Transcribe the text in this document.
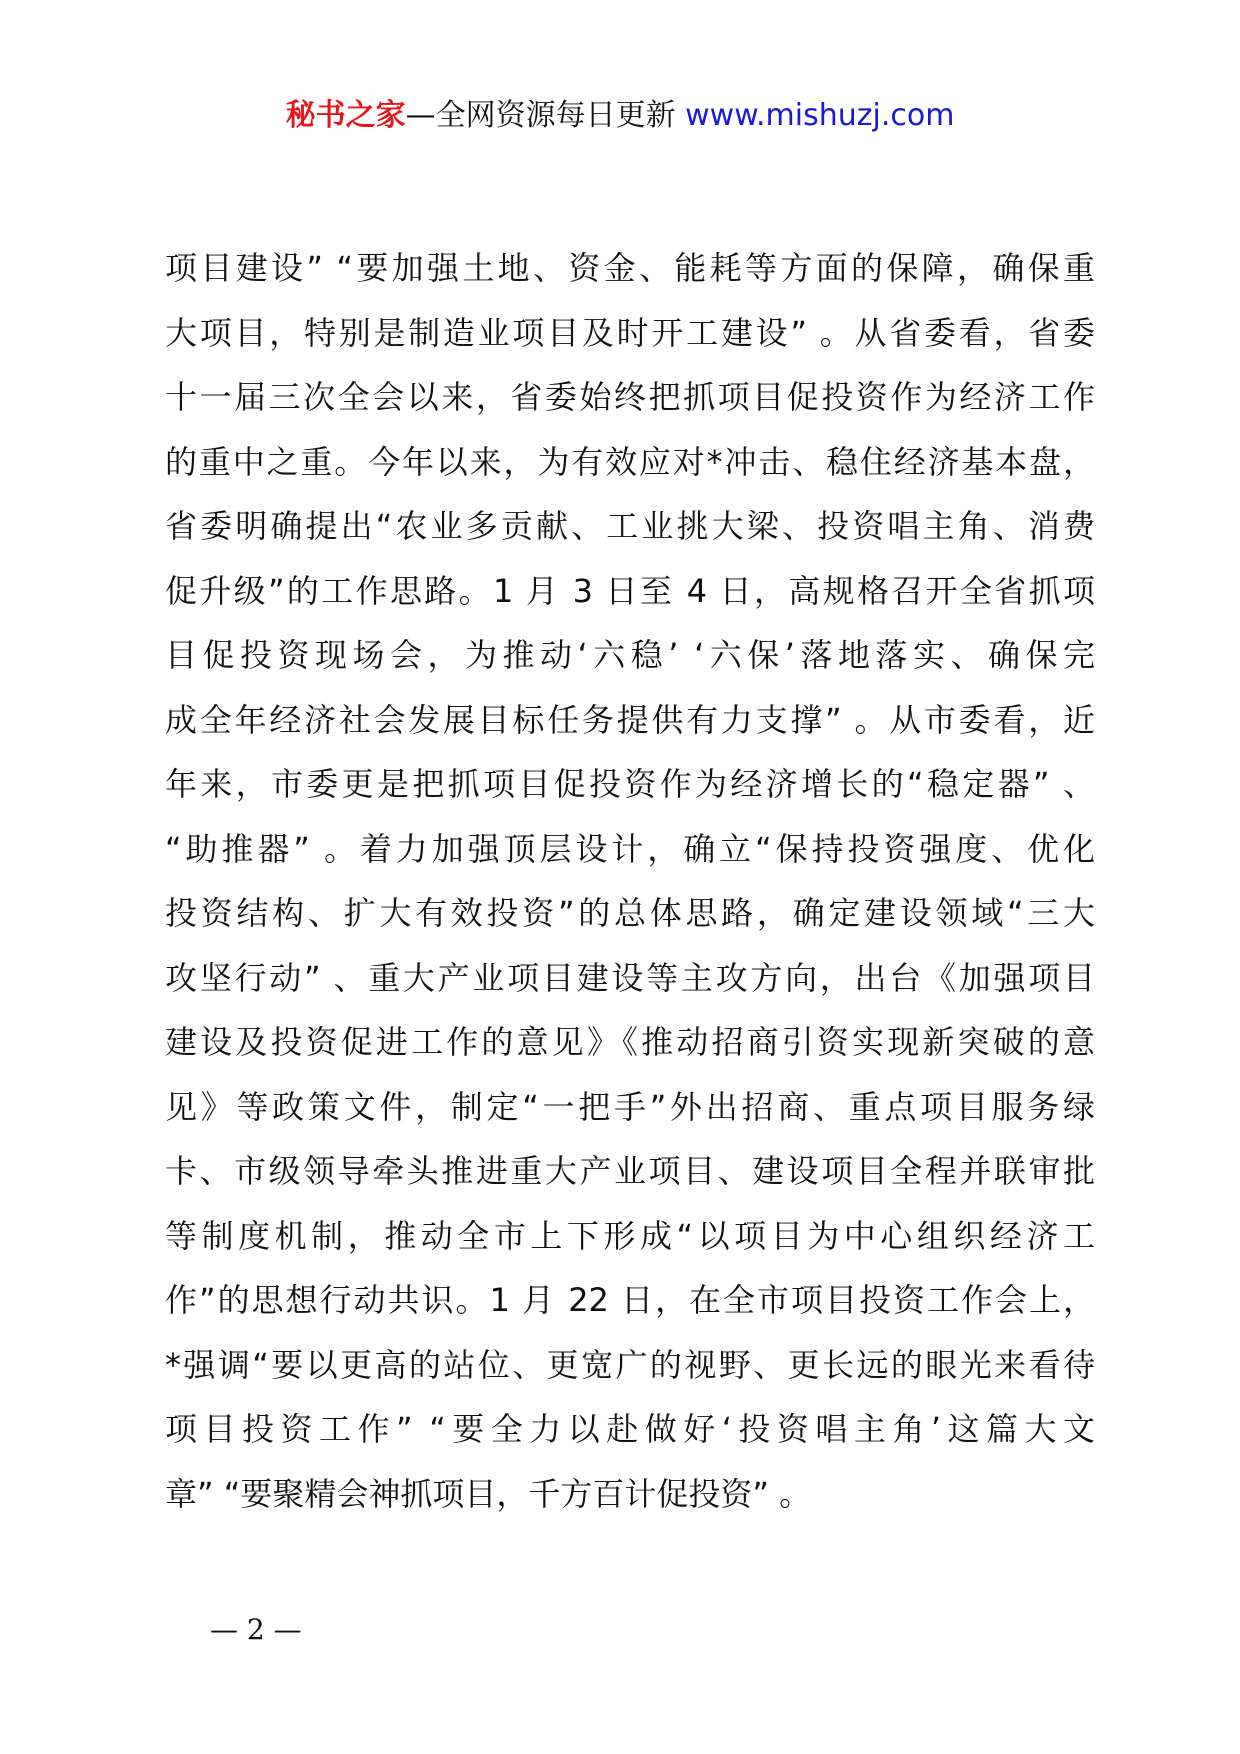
秘书之家—全网资源每日更新 www.mishuzj.com
项目建设” “要加强土地、资金、能耗等方面的保障，确保重
大项目，特别是制造业项目及时开工建设” 。从省委看，省委
十一届三次全会以来，省委始终把抓项目促投资作为经济工作
的重中之重。今年以来，为有效应对*冲击、稳住经济基本盘，
省委明确提出“农业多贡献、工业挑大梁、投资唱主角、消费
促升级”的工作思路。1 月 3 日至 4 日，高规格召开全省抓项
目促投资现场会，为推动‘六稳’ ‘六保’落地落实、确保完
成全年经济社会发展目标任务提供有力支撑” 。从市委看，近
年来，市委更是把抓项目促投资作为经济增长的“稳定器” 、
“助推器” 。着力加强顶层设计，确立“保持投资强度、优化
投资结构、扩大有效投资”的总体思路，确定建设领域“三大
攻坚行动” 、重大产业项目建设等主攻方向，出台《加强项目
建设及投资促进工作的意见》《推动招商引资实现新突破的意
见》等政策文件，制定“一把手”外出招商、重点项目服务绿
卡、市级领导牵头推进重大产业项目、建设项目全程并联审批
等制度机制，推动全市上下形成“以项目为中心组织经济工
作”的思想行动共识。1 月 22 日，在全市项目投资工作会上，
*强调“要以更高的站位、更宽广的视野、更长远的眼光来看待
项目投资工作” “要全力以赴做好‘投资唱主角’这篇大文
章” “要聚精会神抓项目，千方百计促投资” 。
— 2 —
